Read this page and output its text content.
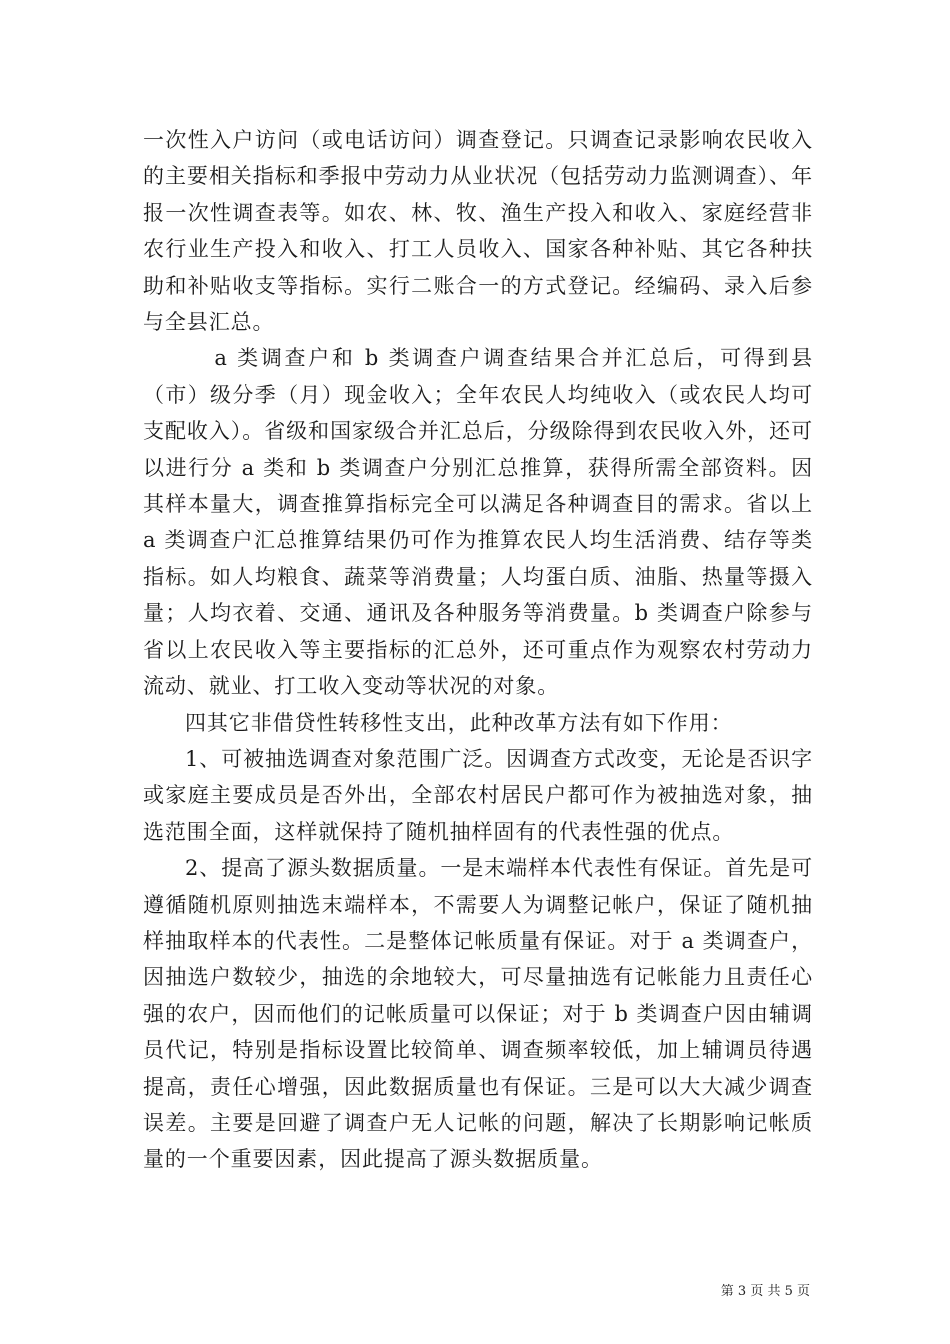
一次性入户访问（或电话访问）调查登记。只调查记录影响农民收入的主要相关指标和季报中劳动力从业状况（包括劳动力监测调查）、年报一次性调查表等。如农、林、牧、渔生产投入和收入、家庭经营非农行业生产投入和收入、打工人员收入、国家各种补贴、其它各种扶助和补贴收支等指标。实行二账合一的方式登记。经编码、录入后参与全县汇总。

a 类调查户和 b 类调查户调查结果合并汇总后，可得到县（市）级分季（月）现金收入；全年农民人均纯收入（或农民人均可支配收入）。省级和国家级合并汇总后，分级除得到农民收入外，还可以进行分 a 类和 b 类调查户分别汇总推算，获得所需全部资料。因其样本量大，调查推算指标完全可以满足各种调查目的需求。省以上 a 类调查户汇总推算结果仍可作为推算农民人均生活消费、结存等类指标。如人均粮食、蔬菜等消费量；人均蛋白质、油脂、热量等摄入量；人均衣着、交通、通讯及各种服务等消费量。b 类调查户除参与省以上农民收入等主要指标的汇总外，还可重点作为观察农村劳动力流动、就业、打工收入变动等状况的对象。

四其它非借贷性转移性支出，此种改革方法有如下作用：

1、可被抽选调查对象范围广泛。因调查方式改变，无论是否识字或家庭主要成员是否外出，全部农村居民户都可作为被抽选对象，抽选范围全面，这样就保持了随机抽样固有的代表性强的优点。

2、提高了源头数据质量。一是末端样本代表性有保证。首先是可遵循随机原则抽选末端样本，不需要人为调整记帐户，保证了随机抽样抽取样本的代表性。二是整体记帐质量有保证。对于 a 类调查户，因抽选户数较少，抽选的余地较大，可尽量抽选有记帐能力且责任心强的农户，因而他们的记帐质量可以保证；对于 b 类调查户因由辅调员代记，特别是指标设置比较简单、调查频率较低，加上辅调员待遇提高，责任心增强，因此数据质量也有保证。三是可以大大减少调查误差。主要是回避了调查户无人记帐的问题，解决了长期影响记帐质量的一个重要因素，因此提高了源头数据质量。

第 3 页 共 5 页
